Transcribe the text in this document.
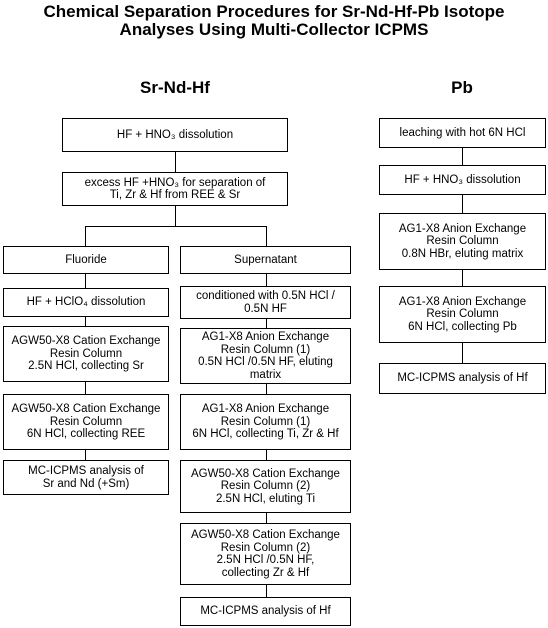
Chemical Separation Procedures for Sr-Nd-Hf-Pb Isotope
Analyses Using Multi-Collector ICPMS
Sr-Nd-Hf	Pb
HF + HNO₃ dissolution
excess HF +HNO₃ for separation of
Ti, Zr & Hf from REE & Sr
Fluoride
HF + HClO₄ dissolution
AGW50-X8 Cation Exchange
Resin Column
2.5N HCl, collecting Sr
AGW50-X8 Cation Exchange
Resin Column
6N HCl, collecting REE
MC-ICPMS analysis of
Sr and Nd (+Sm)
Supernatant
conditioned with 0.5N HCl /
0.5N HF
AG1-X8 Anion Exchange
Resin Column (1)
0.5N HCl /0.5N HF, eluting
matrix
AG1-X8 Anion Exchange
Resin Column (1)
6N HCl, collecting Ti, Zr & Hf
AGW50-X8 Cation Exchange
Resin Column (2)
2.5N HCl, eluting Ti
AGW50-X8 Cation Exchange
Resin Column (2)
2.5N HCl /0.5N HF,
collecting Zr & Hf
MC-ICPMS analysis of Hf
leaching with hot 6N HCl
HF + HNO₃ dissolution
AG1-X8 Anion Exchange
Resin Column
0.8N HBr, eluting matrix
AG1-X8 Anion Exchange
Resin Column
6N HCl, collecting Pb
MC-ICPMS analysis of Hf
